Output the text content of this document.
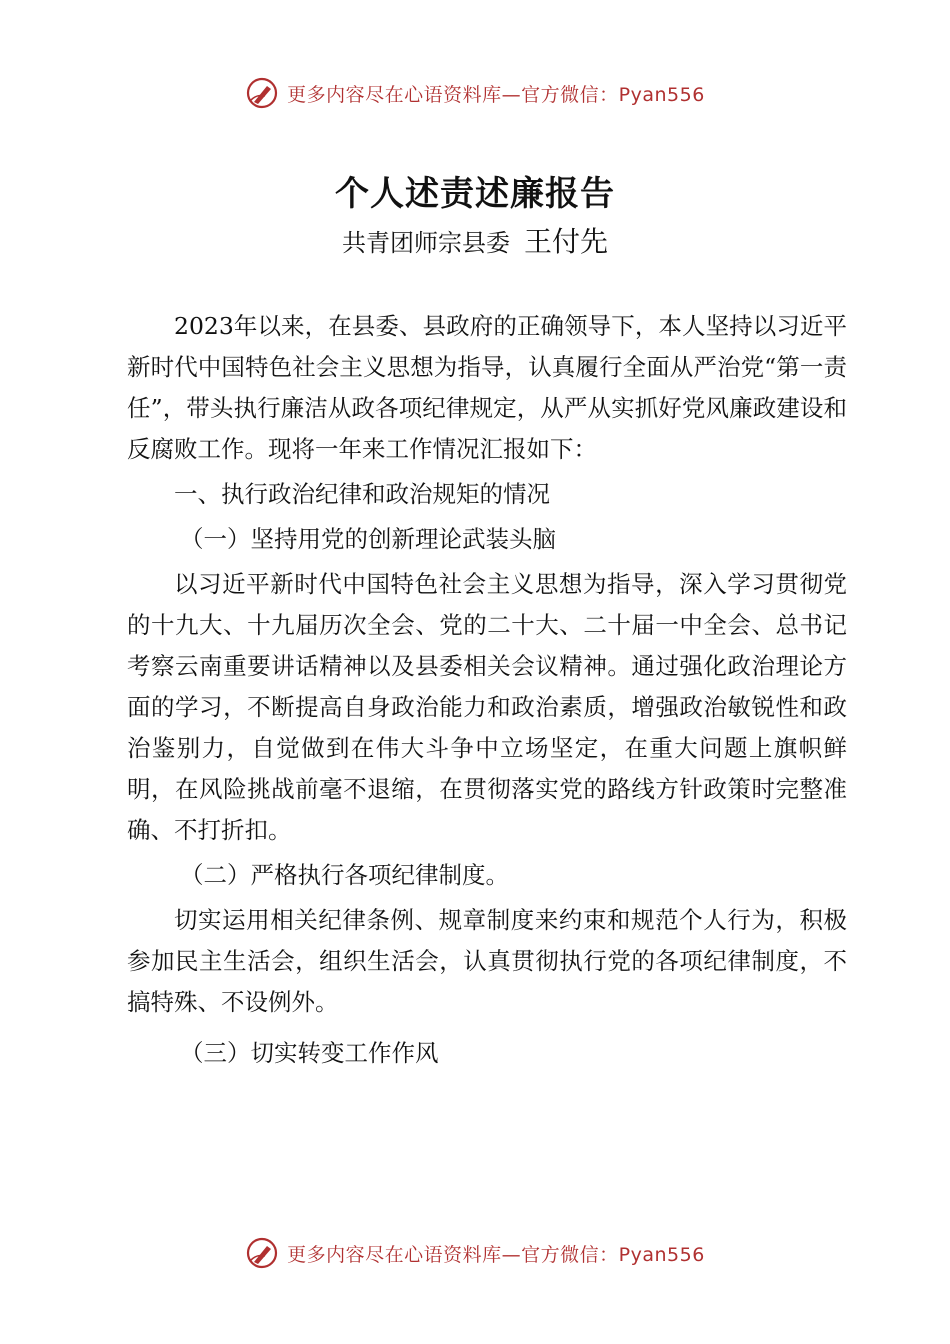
更多内容尽在心语资料库—官方微信：Pyan556
个人述责述廉报告
共青团师宗县委 王付先

2023年以来，在县委、县政府的正确领导下，本人坚持以习近平新时代中国特色社会主义思想为指导，认真履行全面从严治党“第一责任”，带头执行廉洁从政各项纪律规定，从严从实抓好党风廉政建设和反腐败工作。现将一年来工作情况汇报如下：

一、执行政治纪律和政治规矩的情况

（一）坚持用党的创新理论武装头脑

以习近平新时代中国特色社会主义思想为指导，深入学习贯彻党的十九大、十九届历次全会、党的二十大、二十届一中全会、总书记考察云南重要讲话精神以及县委相关会议精神。通过强化政治理论方面的学习，不断提高自身政治能力和政治素质，增强政治敏锐性和政治鉴别力，自觉做到在伟大斗争中立场坚定，在重大问题上旗帜鲜明，在风险挑战前毫不退缩，在贯彻落实党的路线方针政策时完整准确、不打折扣。

（二）严格执行各项纪律制度。

切实运用相关纪律条例、规章制度来约束和规范个人行为，积极参加民主生活会，组织生活会，认真贯彻执行党的各项纪律制度，不搞特殊、不设例外。

（三）切实转变工作作风

更多内容尽在心语资料库—官方微信：Pyan556
